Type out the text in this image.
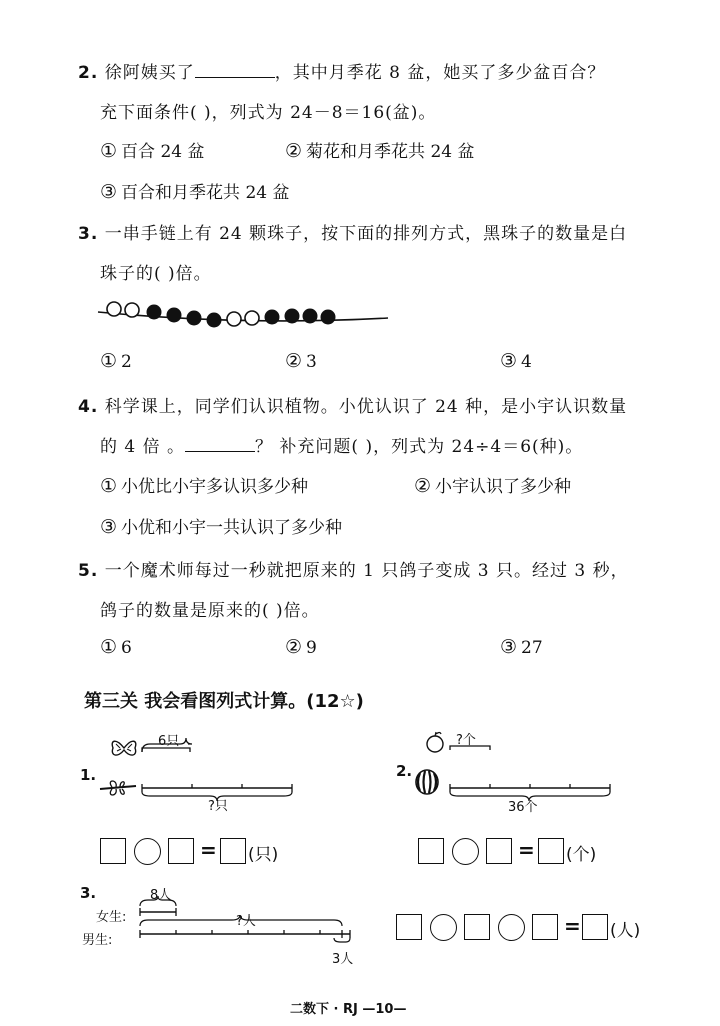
2. 徐阿姨买了	，其中月季花 8 盆，她买了多少盆百合？
充下面条件( )，列式为 24－8＝16(盆)。
① 百合 24 盆	② 菊花和月季花共 24 盆
③ 百合和月季花共 24 盆
3. 一串手链上有 24 颗珠子，按下面的排列方式，黑珠子的数量是白
珠子的( )倍。
① 2	② 3	③ 4
4. 科学课上，同学们认识植物。小优认识了 24 种，是小宇认识数量
的 4 倍 。	？ 补充问题( )，列式为 24÷4＝6(种)。
① 小优比小宇多认识多少种	② 小宇认识了多少种
③ 小优和小宇一共认识了多少种
5. 一个魔术师每过一秒就把原来的 1 只鸽子变成 3 只。经过 3 秒，
鸽子的数量是原来的( )倍。
① 6	② 9	③ 27
第三关 我会看图列式计算。(12☆)
1.
6只
?只
= (只)
2.
?个
36个
= (个)
3.
女生:
男生:
8人
?人
3人
= (人)
二数下 · RJ —10—
